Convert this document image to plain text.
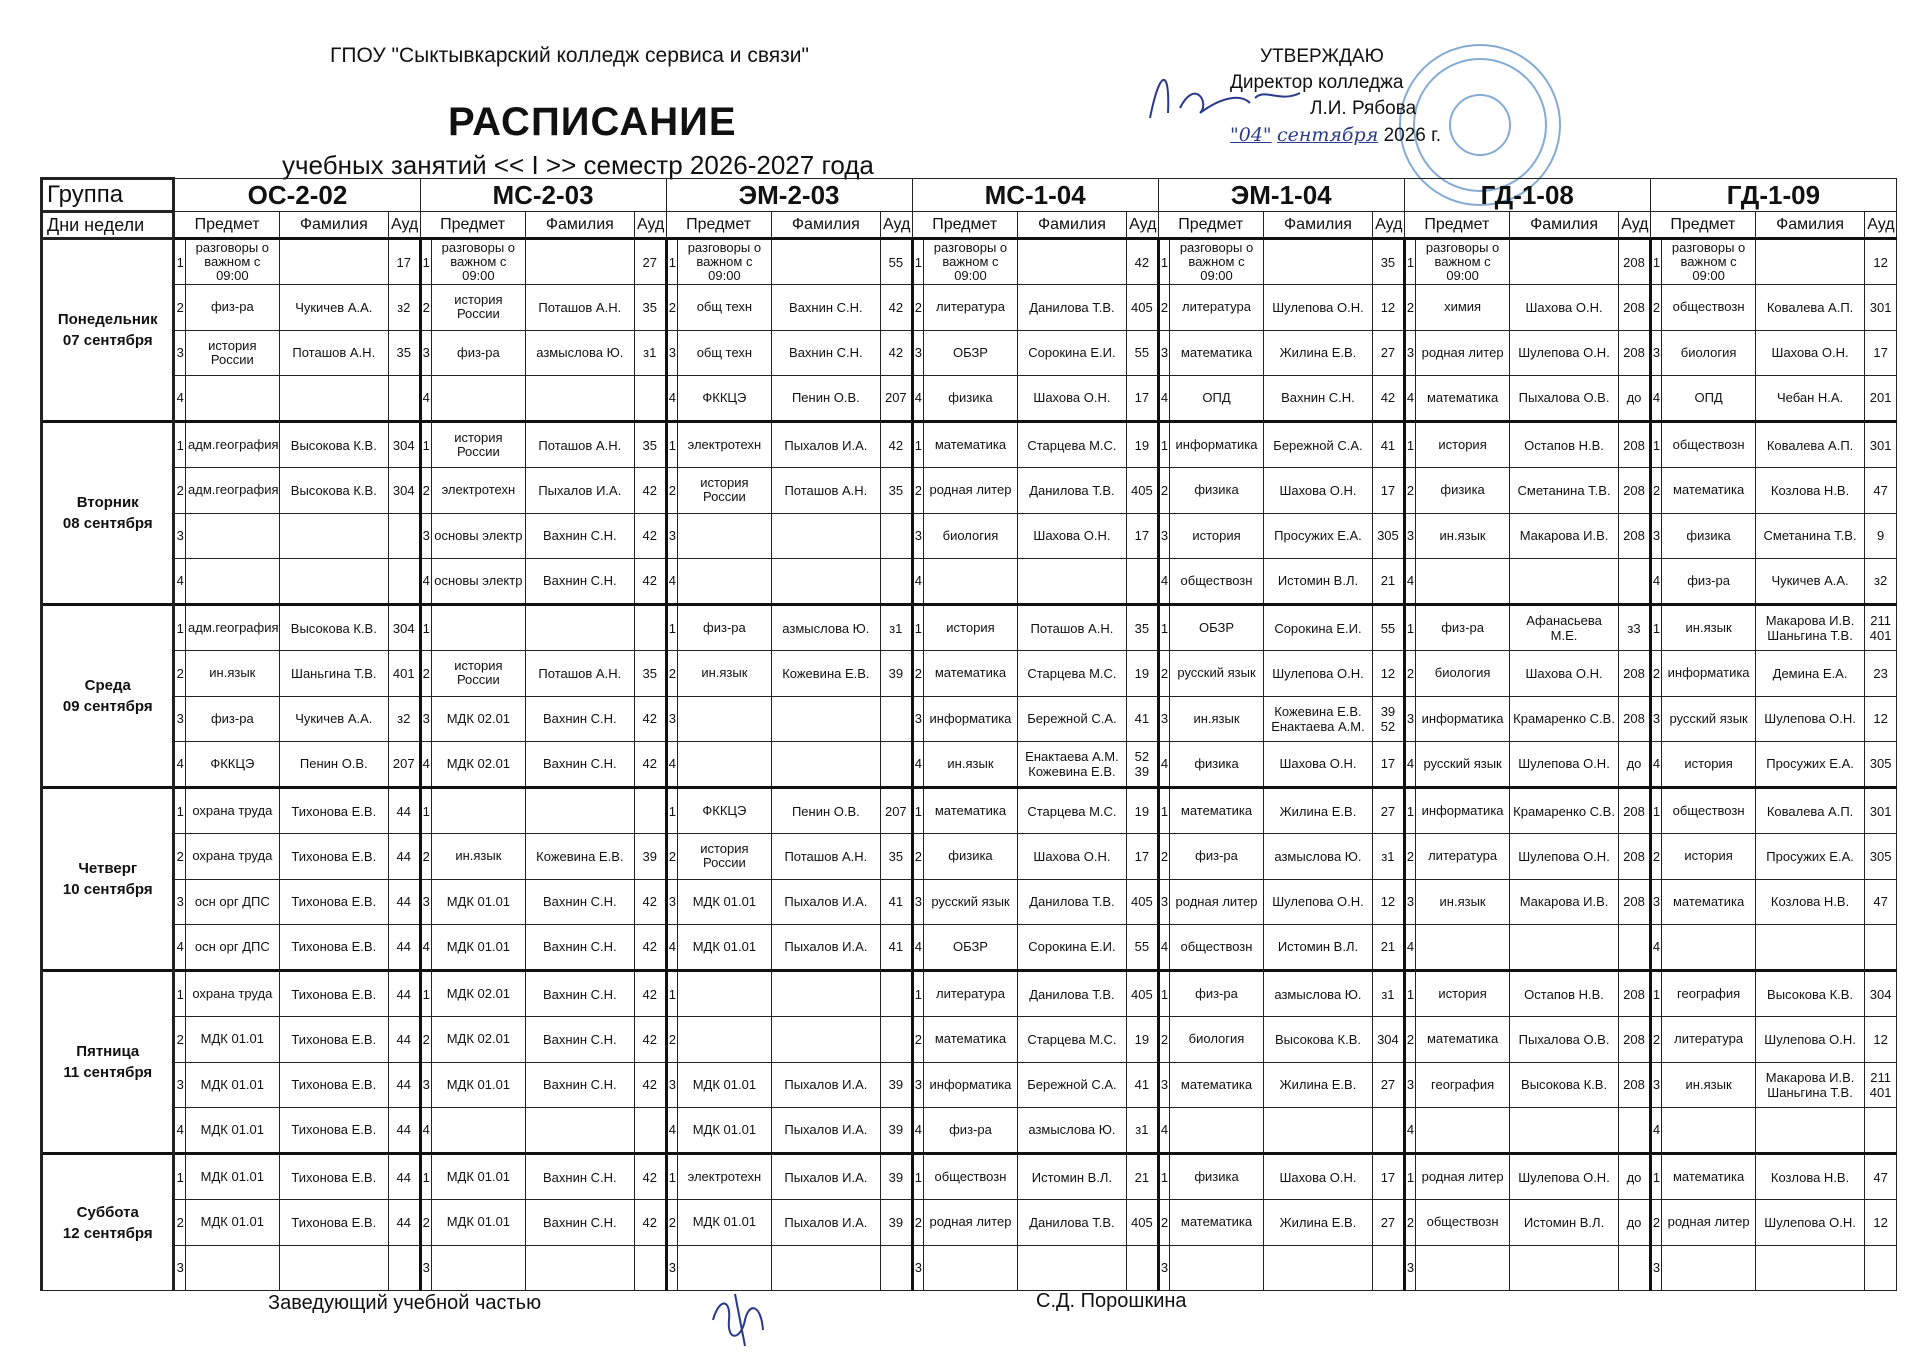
ГПОУ "Сыктывкарский колледж сервиса и связи"
РАСПИСАНИЕ
учебных занятий << I >> семестр 2026-2027 года
УТВЕРЖДАЮ
Директор колледжа
Л.И. Рябова
"04" сентября 2026 г.
Группа	ОС-2-02				МС-2-03				ЭМ-2-03				МС-1-04				ЭМ-1-04				ГД-1-08				ГД-1-09			
Дни недели	Предмет		Фамилия	Ауд	Предмет		Фамилия	Ауд	Предмет		Фамилия	Ауд	Предмет		Фамилия	Ауд	Предмет		Фамилия	Ауд	Предмет		Фамилия	Ауд	Предмет		Фамилия	Ауд

Понедельник
07 сентября	1	разговоры о важном с 09:00		17	1	разговоры о важном с 09:00		27	1	разговоры о важном с 09:00		55	1	разговоры о важном с 09:00		42	1	разговоры о важном с 09:00		35	1	разговоры о важном с 09:00		208	1	разговоры о важном с 09:00		12
	2	физ-ра	Чукичев А.А.	з2	2	история России	Поташов А.Н.	35	2	общ техн	Вахнин С.Н.	42	2	литература	Данилова Т.В.	405	2	литература	Шулепова О.Н.	12	2	химия	Шахова О.Н.	208	2	обществозн	Ковалева А.П.	301
	3	история России	Поташов А.Н.	35	3	физ-ра	азмыслова Ю.	з1	3	общ техн	Вахнин С.Н.	42	3	ОБЗР	Сорокина Е.И.	55	3	математика	Жилина Е.В.	27	3	родная литер	Шулепова О.Н.	208	3	биология	Шахова О.Н.	17
	4				4				4	ФККЦЭ	Пенин О.В.	207	4	физика	Шахова О.Н.	17	4	ОПД	Вахнин С.Н.	42	4	математика	Пыхалова О.В.	до	4	ОПД	Чебан Н.А.	201

Вторник
08 сентября	1	адм.география	Высокова К.В.	304	1	история России	Поташов А.Н.	35	1	электротехн	Пыхалов И.А.	42	1	математика	Старцева М.С.	19	1	информатика	Бережной С.А.	41	1	история	Остапов Н.В.	208	1	обществозн	Ковалева А.П.	301
	2	адм.география	Высокова К.В.	304	2	электротехн	Пыхалов И.А.	42	2	история России	Поташов А.Н.	35	2	родная литер	Данилова Т.В.	405	2	физика	Шахова О.Н.	17	2	физика	Сметанина Т.В.	208	2	математика	Козлова Н.В.	47
	3				3	основы электр	Вахнин С.Н.	42	3				3	биология	Шахова О.Н.	17	3	история	Просужих Е.А.	305	3	ин.язык	Макарова И.В.	208	3	физика	Сметанина Т.В.	9
	4				4	основы электр	Вахнин С.Н.	42	4				4				4	обществозн	Истомин В.Л.	21	4				4	физ-ра	Чукичев А.А.	з2

Среда
09 сентября	1	адм.география	Высокова К.В.	304	1				1	физ-ра	азмыслова Ю.	з1	1	история	Поташов А.Н.	35	1	ОБЗР	Сорокина Е.И.	55	1	физ-ра	Афанасьева М.Е.	з3	1	ин.язык	Макарова И.В. Шаньгина Т.В.	211 401
	2	ин.язык	Шаньгина Т.В.	401	2	история России	Поташов А.Н.	35	2	ин.язык	Кожевина Е.В.	39	2	математика	Старцева М.С.	19	2	русский язык	Шулепова О.Н.	12	2	биология	Шахова О.Н.	208	2	информатика	Демина Е.А.	23
	3	физ-ра	Чукичев А.А.	з2	3	МДК 02.01	Вахнин С.Н.	42	3				3	информатика	Бережной С.А.	41	3	ин.язык	Кожевина Е.В. Енактаева А.М.	39 52	3	информатика	Крамаренко С.В.	208	3	русский язык	Шулепова О.Н.	12
	4	ФККЦЭ	Пенин О.В.	207	4	МДК 02.01	Вахнин С.Н.	42	4				4	ин.язык	Енактаева А.М. Кожевина Е.В.	52 39	4	физика	Шахова О.Н.	17	4	русский язык	Шулепова О.Н.	до	4	история	Просужих Е.А.	305

Четверг
10 сентября	1	охрана труда	Тихонова Е.В.	44	1				1	ФККЦЭ	Пенин О.В.	207	1	математика	Старцева М.С.	19	1	математика	Жилина Е.В.	27	1	информатика	Крамаренко С.В.	208	1	обществозн	Ковалева А.П.	301
	2	охрана труда	Тихонова Е.В.	44	2	ин.язык	Кожевина Е.В.	39	2	история России	Поташов А.Н.	35	2	физика	Шахова О.Н.	17	2	физ-ра	азмыслова Ю.	з1	2	литература	Шулепова О.Н.	208	2	история	Просужих Е.А.	305
	3	осн орг ДПС	Тихонова Е.В.	44	3	МДК 01.01	Вахнин С.Н.	42	3	МДК 01.01	Пыхалов И.А.	41	3	русский язык	Данилова Т.В.	405	3	родная литер	Шулепова О.Н.	12	3	ин.язык	Макарова И.В.	208	3	математика	Козлова Н.В.	47
	4	осн орг ДПС	Тихонова Е.В.	44	4	МДК 01.01	Вахнин С.Н.	42	4	МДК 01.01	Пыхалов И.А.	41	4	ОБЗР	Сорокина Е.И.	55	4	обществозн	Истомин В.Л.	21	4				4			

Пятница
11 сентября	1	охрана труда	Тихонова Е.В.	44	1	МДК 02.01	Вахнин С.Н.	42	1				1	литература	Данилова Т.В.	405	1	физ-ра	азмыслова Ю.	з1	1	история	Остапов Н.В.	208	1	география	Высокова К.В.	304
	2	МДК 01.01	Тихонова Е.В.	44	2	МДК 02.01	Вахнин С.Н.	42	2				2	математика	Старцева М.С.	19	2	биология	Высокова К.В.	304	2	математика	Пыхалова О.В.	208	2	литература	Шулепова О.Н.	12
	3	МДК 01.01	Тихонова Е.В.	44	3	МДК 01.01	Вахнин С.Н.	42	3	МДК 01.01	Пыхалов И.А.	39	3	информатика	Бережной С.А.	41	3	математика	Жилина Е.В.	27	3	география	Высокова К.В.	208	3	ин.язык	Макарова И.В. Шаньгина Т.В.	211 401
	4	МДК 01.01	Тихонова Е.В.	44	4				4	МДК 01.01	Пыхалов И.А.	39	4	физ-ра	азмыслова Ю.	з1	4				4				4			

Суббота
12 сентября	1	МДК 01.01	Тихонова Е.В.	44	1	МДК 01.01	Вахнин С.Н.	42	1	электротехн	Пыхалов И.А.	39	1	обществозн	Истомин В.Л.	21	1	физика	Шахова О.Н.	17	1	родная литер	Шулепова О.Н.	до	1	математика	Козлова Н.В.	47
	2	МДК 01.01	Тихонова Е.В.	44	2	МДК 01.01	Вахнин С.Н.	42	2	МДК 01.01	Пыхалов И.А.	39	2	родная литер	Данилова Т.В.	405	2	математика	Жилина Е.В.	27	2	обществозн	Истомин В.Л.	до	2	родная литер	Шулепова О.Н.	12
	3				3				3				3				3				3				3			
Заведующий учебной частью	С.Д. Порошкина
